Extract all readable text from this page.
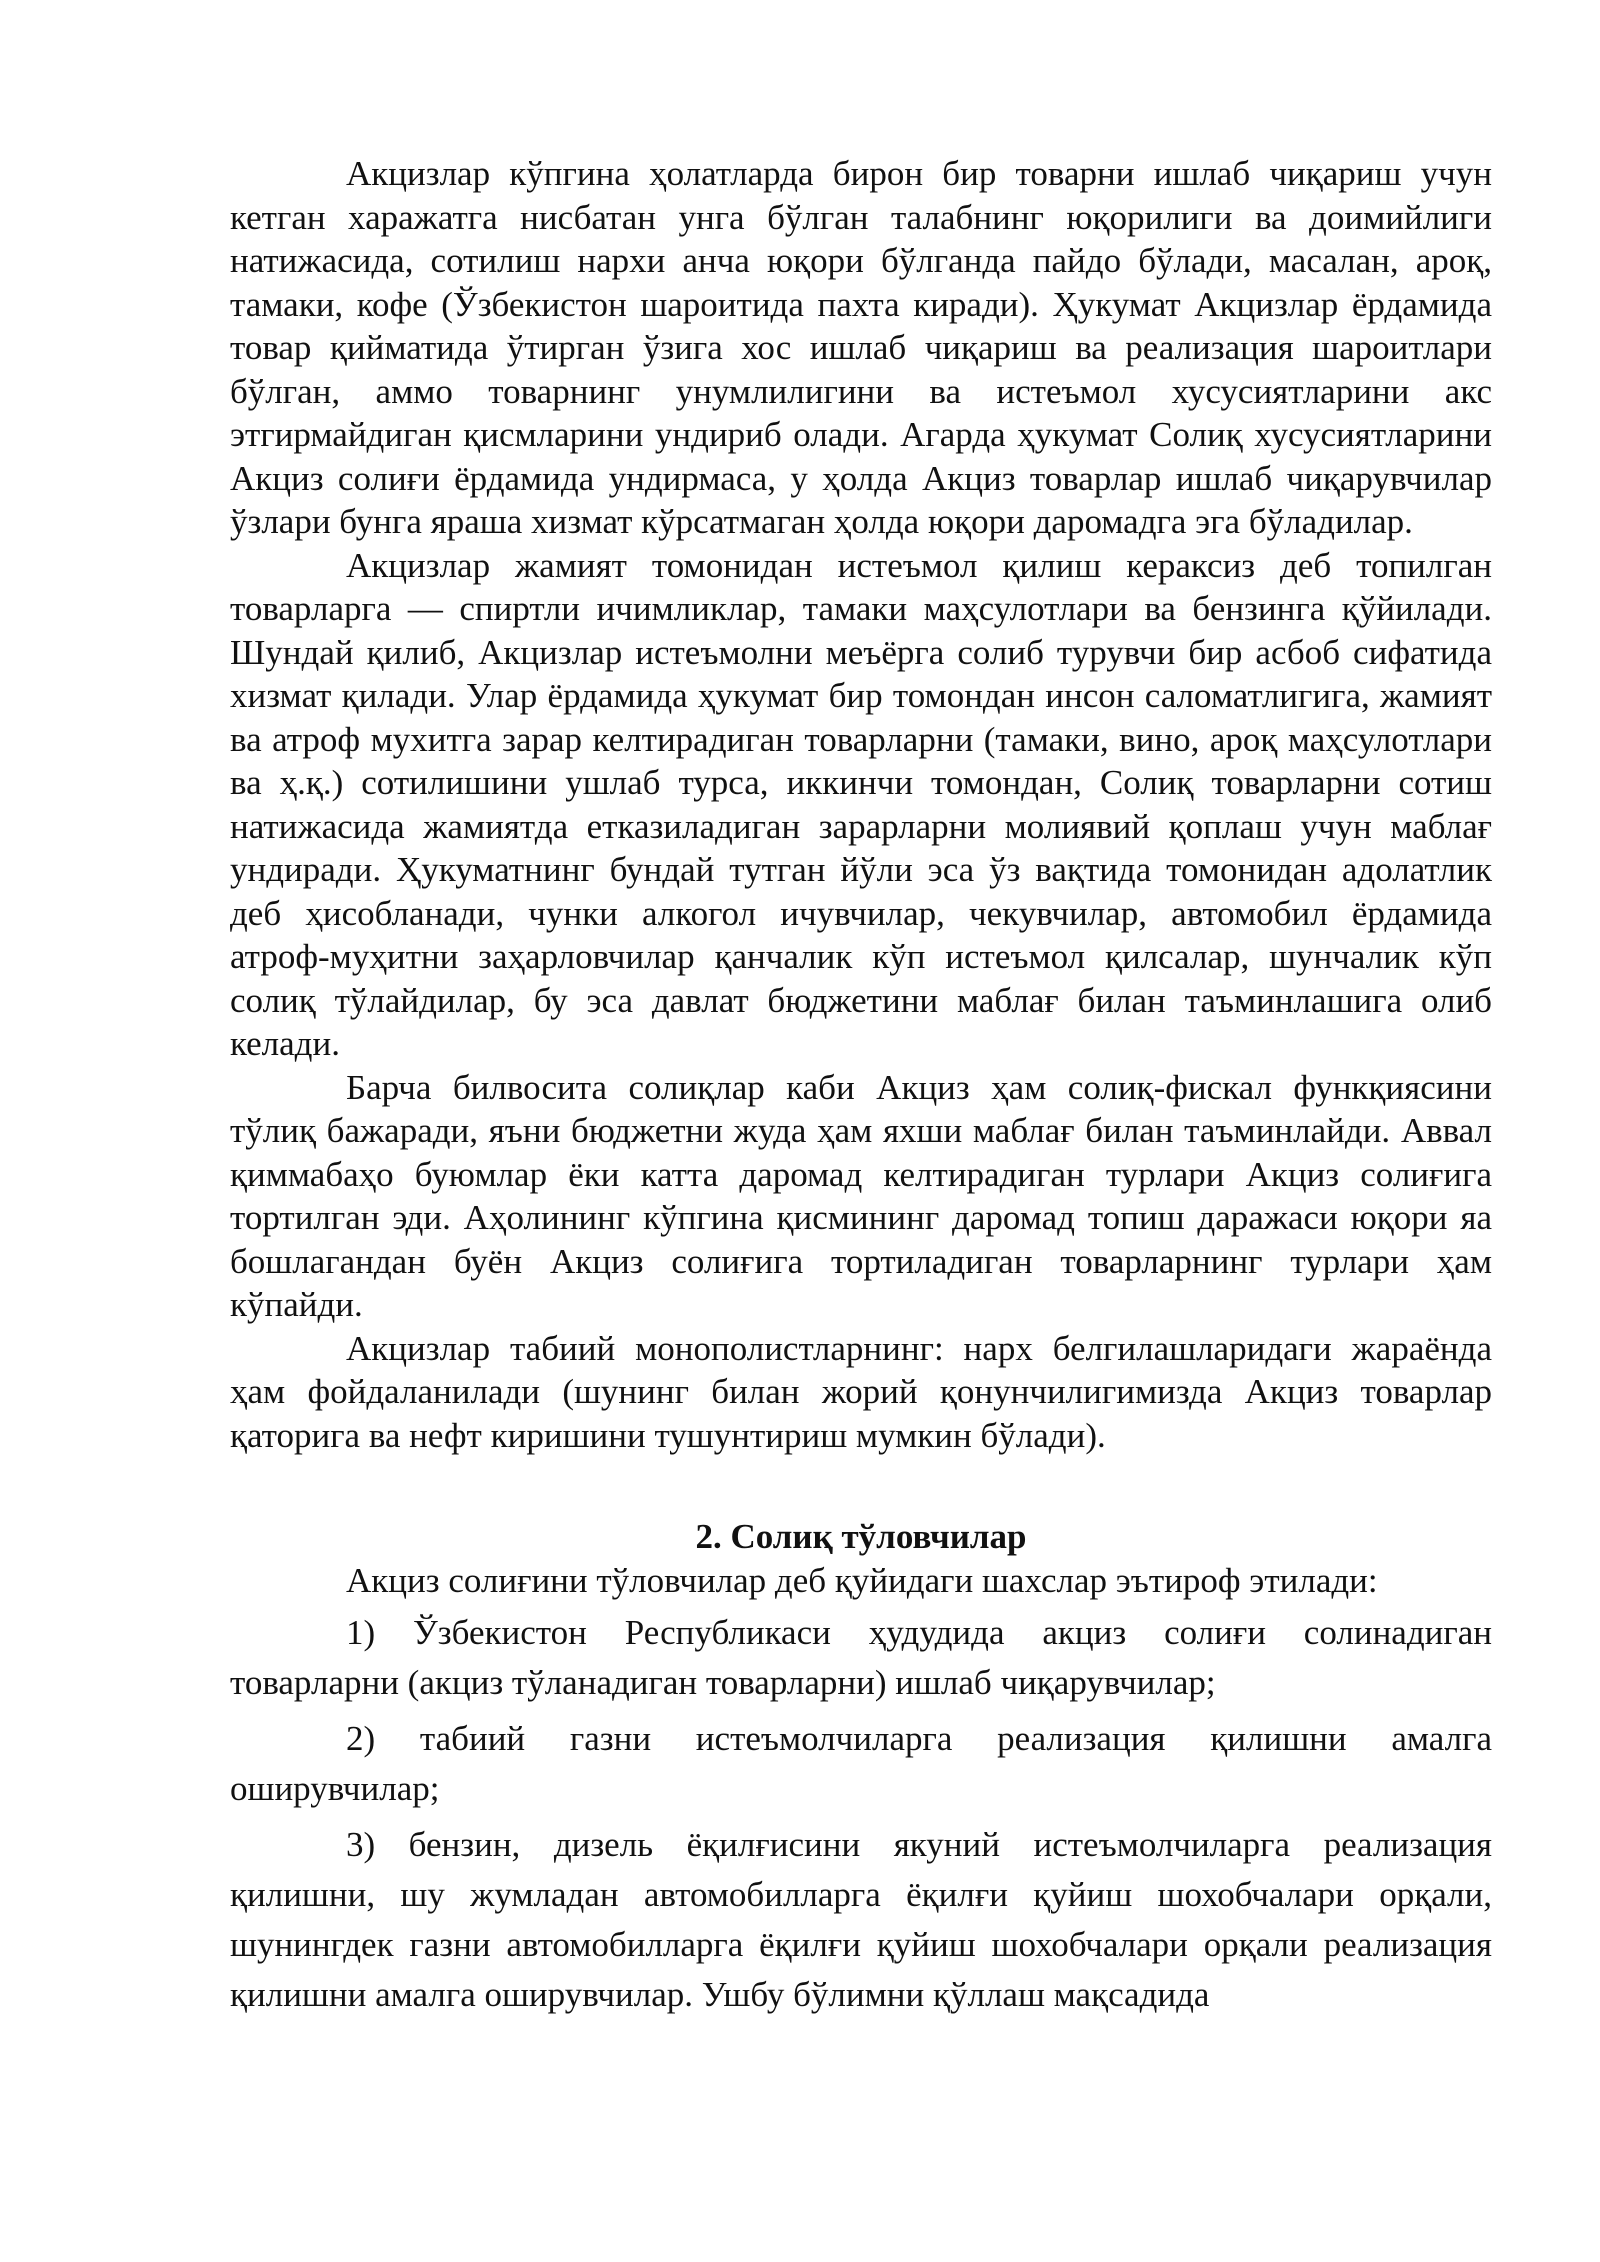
Акцизлар кўпгина ҳолатларда бирон бир товарни ишлаб чиқариш учун кетган харажатга нисбатан унга бўлган талабнинг юқорилиги ва доимийлиги натижасида, сотилиш нархи анча юқори бўлганда пайдо бўлади, масалан, ароқ, тамаки, кофе (Ўзбекистон шароитида пахта киради). Ҳукумат Акцизлар ёрдамида товар қийматида ўтирган ўзига хос ишлаб чиқариш ва реализация шароитлари бўлган, аммо товарнинг унумлилигини ва истеъмол хусусиятларини акс этгирмайдиган қисмларини ундириб олади. Агарда ҳукумат Солиқ хусусиятларини Акциз солиғи ёрдамида ундирмаса, у ҳолда Акциз товарлар ишлаб чиқарувчилар ўзлари бунга яраша хизмат кўрсатмаган ҳолда юқори даромадга эга бўладилар.

Акцизлар жамият томонидан истеъмол қилиш кераксиз деб топилган товарларга — спиртли ичимликлар, тамаки маҳсулотлари ва бензинга қўйилади. Шундай қилиб, Акцизлар истеъмолни меъёрга солиб турувчи бир асбоб сифатида хизмат қилади. Улар ёрдамида ҳукумат бир томондан инсон саломатлигига, жамият ва атроф мухитга зарар келтирадиган товарларни (тамаки, вино, ароқ маҳсулотлари ва ҳ.қ.) сотилишини ушлаб турса, иккинчи томондан, Солиқ товарларни сотиш натижасида жамиятда етказиладиган зарарларни молиявий қоплаш учун маблағ ундиради. Ҳукуматнинг бундай тутган йўли эса ўз вақтида томонидан адолатлик деб ҳисобланади, чунки алкогол ичувчилар, чекувчилар, автомобил ёрдамида атроф-муҳитни заҳарловчилар қанчалик кўп истеъмол қилсалар, шунчалик кўп солиқ тўлайдилар, бу эса давлат бюджетини маблағ билан таъминлашига олиб келади.

Барча билвосита солиқлар каби Акциз ҳам солиқ-фискал функқиясини тўлиқ бажаради, яъни бюджетни жуда ҳам яхши маблағ билан таъминлайди. Аввал қиммабаҳо буюмлар ёки катта даромад келтирадиган турлари Акциз солиғига тортилган эди. Аҳолининг кўпгина қисмининг даромад топиш даражаси юқори яа бошлагандан буён Акциз солиғига тортиладиган товарларнинг турлари ҳам кўпайди.

Акцизлар табиий монополистларнинг: нарх белгилашларидаги жараёнда ҳам фойдаланилади (шунинг билан жорий қонунчилигимизда Акциз товарлар қаторига ва нефт киришини тушунтириш мумкин бўлади).

2. Солиқ тўловчилар

Акциз солиғини тўловчилар деб қуйидаги шахслар эътироф этилади:

1) Ўзбекистон Республикаси ҳудудида акциз солиғи солинадиган товарларни (акциз тўланадиган товарларни) ишлаб чиқарувчилар;

2) табиий газни истеъмолчиларга реализация қилишни амалга оширувчилар;

3) бензин, дизель ёқилғисини якуний истеъмолчиларга реализация қилишни, шу жумладан автомобилларга ёқилғи қуйиш шохобчалари орқали, шунингдек газни автомобилларга ёқилғи қуйиш шохобчалари орқали реализация қилишни амалга оширувчилар. Ушбу бўлимни қўллаш мақсадида
